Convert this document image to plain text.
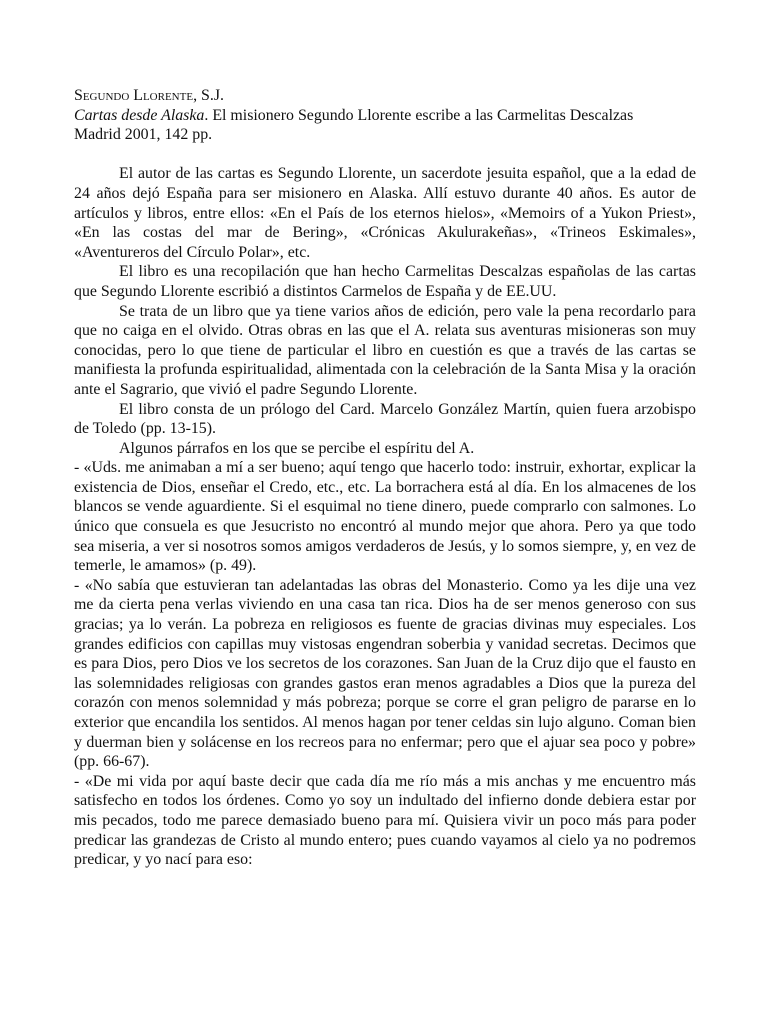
Segundo Llorente, S.J.

Cartas desde Alaska. El misionero Segundo Llorente escribe a las Carmelitas Descalzas

Madrid 2001, 142 pp.

El autor de las cartas es Segundo Llorente, un sacerdote jesuita español, que a la edad de 24 años dejó España para ser misionero en Alaska. Allí estuvo durante 40 años. Es autor de artículos y libros, entre ellos: «En el País de los eternos hielos», «Memoirs of a Yukon Priest», «En las costas del mar de Bering», «Crónicas Akulurakeñas», «Trineos Eskimales», «Aventureros del Círculo Polar», etc.

El libro es una recopilación que han hecho Carmelitas Descalzas españolas de las cartas que Segundo Llorente escribió a distintos Carmelos de España y de EE.UU.

Se trata de un libro que ya tiene varios años de edición, pero vale la pena recordarlo para que no caiga en el olvido. Otras obras en las que el A. relata sus aventuras misioneras son muy conocidas, pero lo que tiene de particular el libro en cuestión es que a través de las cartas se manifiesta la profunda espiritualidad, alimentada con la celebración de la Santa Misa y la oración ante el Sagrario, que vivió el padre Segundo Llorente.

El libro consta de un prólogo del Card. Marcelo González Martín, quien fuera arzobispo de Toledo (pp. 13-15).

Algunos párrafos en los que se percibe el espíritu del A.

- «Uds. me animaban a mí a ser bueno; aquí tengo que hacerlo todo: instruir, exhortar, explicar la existencia de Dios, enseñar el Credo, etc., etc. La borrachera está al día. En los almacenes de los blancos se vende aguardiente. Si el esquimal no tiene dinero, puede comprarlo con salmones. Lo único que consuela es que Jesucristo no encontró al mundo mejor que ahora. Pero ya que todo sea miseria, a ver si nosotros somos amigos verdaderos de Jesús, y lo somos siempre, y, en vez de temerle, le amamos» (p. 49).

- «No sabía que estuvieran tan adelantadas las obras del Monasterio. Como ya les dije una vez me da cierta pena verlas viviendo en una casa tan rica. Dios ha de ser menos generoso con sus gracias; ya lo verán. La pobreza en religiosos es fuente de gracias divinas muy especiales. Los grandes edificios con capillas muy vistosas engendran soberbia y vanidad secretas. Decimos que es para Dios, pero Dios ve los secretos de los corazones. San Juan de la Cruz dijo que el fausto en las solemnidades religiosas con grandes gastos eran menos agradables a Dios que la pureza del corazón con menos solemnidad y más pobreza; porque se corre el gran peligro de pararse en lo exterior que encandila los sentidos. Al menos hagan por tener celdas sin lujo alguno. Coman bien y duerman bien y solácense en los recreos para no enfermar; pero que el ajuar sea poco y pobre» (pp. 66-67).

- «De mi vida por aquí baste decir que cada día me río más a mis anchas y me encuentro más satisfecho en todos los órdenes. Como yo soy un indultado del infierno donde debiera estar por mis pecados, todo me parece demasiado bueno para mí. Quisiera vivir un poco más para poder predicar las grandezas de Cristo al mundo entero; pues cuando vayamos al cielo ya no podremos predicar, y yo nací para eso:
